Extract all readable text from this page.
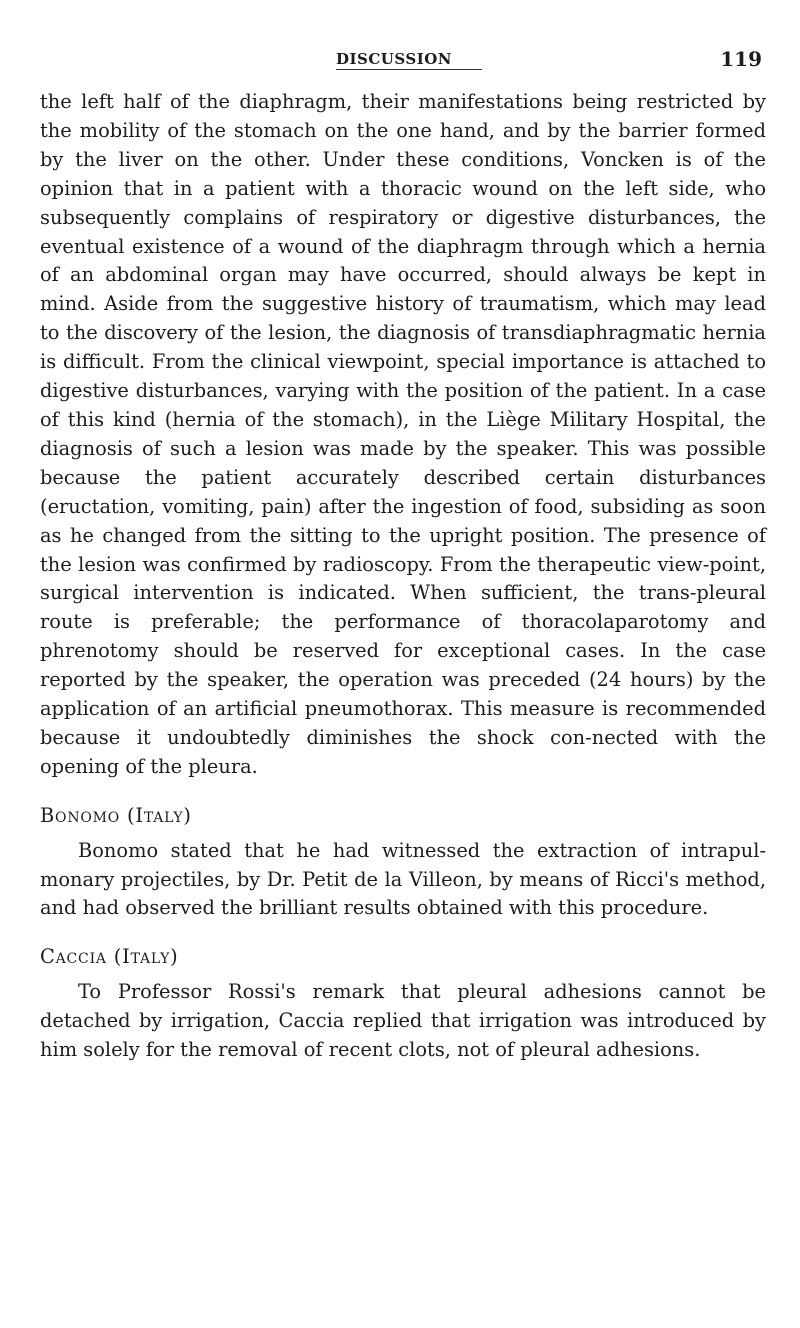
DISCUSSION	119

the left half of the diaphragm, their manifestations being restricted by the mobility of the stomach on the one hand, and by the barrier formed by the liver on the other. Under these conditions, Voncken is of the opinion that in a patient with a thoracic wound on the left side, who subsequently complains of respiratory or digestive disturbances, the eventual existence of a wound of the diaphragm through which a hernia of an abdominal organ may have occurred, should always be kept in mind. Aside from the suggestive history of traumatism, which may lead to the discovery of the lesion, the diagnosis of transdiaphragmatic hernia is difficult. From the clinical viewpoint, special importance is attached to digestive disturbances, varying with the position of the patient. In a case of this kind (hernia of the stomach), in the Liège Military Hospital, the diagnosis of such a lesion was made by the speaker. This was possible because the patient accurately described certain disturbances (eructation, vomiting, pain) after the ingestion of food, subsiding as soon as he changed from the sitting to the upright position. The presence of the lesion was confirmed by radioscopy. From the therapeutic view-point, surgical intervention is indicated. When sufficient, the trans-pleural route is preferable; the performance of thoracolaparotomy and phrenotomy should be reserved for exceptional cases. In the case reported by the speaker, the operation was preceded (24 hours) by the application of an artificial pneumothorax. This measure is recommended because it undoubtedly diminishes the shock con-nected with the opening of the pleura.

Bonomo (Italy)

Bonomo stated that he had witnessed the extraction of intrapul-monary projectiles, by Dr. Petit de la Villeon, by means of Ricci's method, and had observed the brilliant results obtained with this procedure.

Caccia (Italy)

To Professor Rossi's remark that pleural adhesions cannot be detached by irrigation, Caccia replied that irrigation was introduced by him solely for the removal of recent clots, not of pleural adhesions.
